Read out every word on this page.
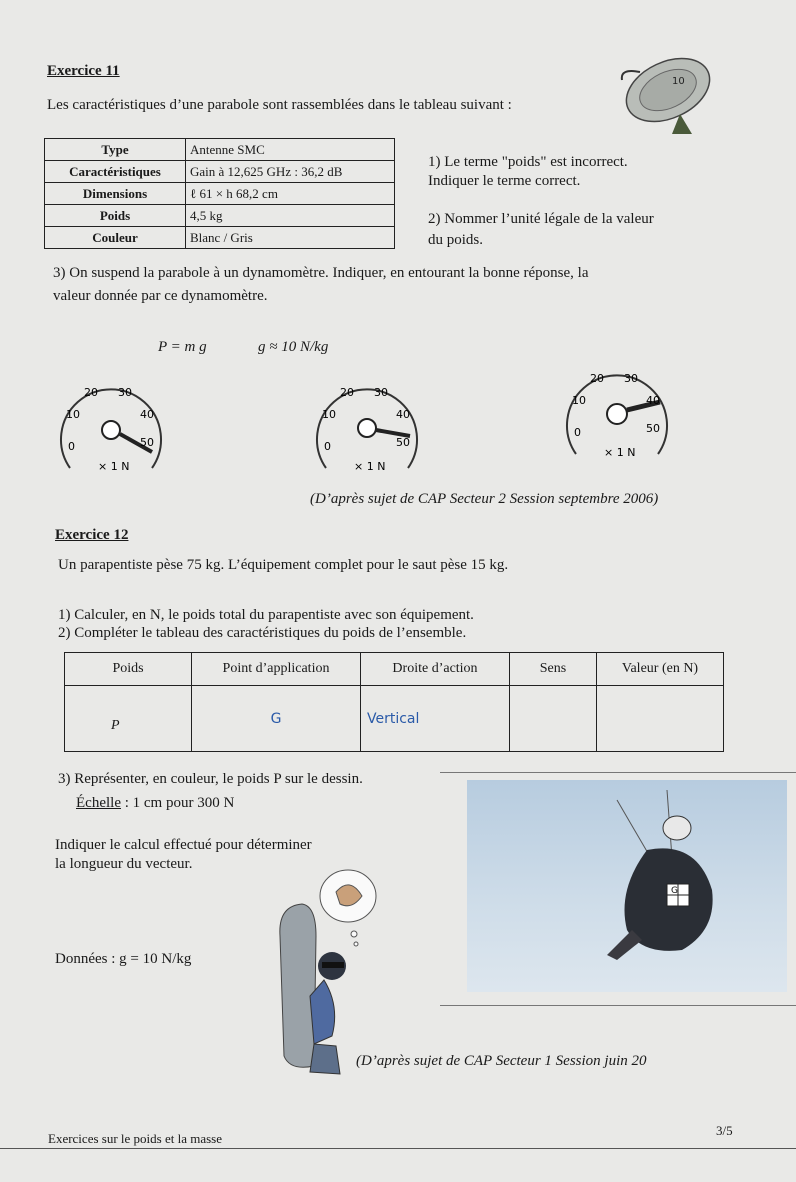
Exercice 11
Les caractéristiques d’une parabole sont rassemblées dans le tableau suivant :
10
Type	Antenne SMC
Caractéristiques	Gain à 12,625 GHz : 36,2 dB
Dimensions	ℓ 61 × h 68,2 cm
Poids	4,5 kg
Couleur	Blanc / Gris
1) Le terme "poids" est incorrect.
Indiquer le terme correct.
2) Nommer l’unité légale de la valeur
du poids.
3) On suspend la parabole à un dynamomètre. Indiquer, en entourant la bonne réponse, la
valeur donnée par ce dynamomètre.
P = m g	g ≈ 10 N/kg
0
10
20 30
40
50
× 1 N
0
10
20 30
40
50
× 1 N
0
10
20 30
40
50
× 1 N
(D’après sujet de CAP Secteur 2 Session septembre 2006)
Exercice 12
Un parapentiste pèse 75 kg. L’équipement complet pour le saut pèse 15 kg.
1) Calculer, en N, le poids total du parapentiste avec son équipement.
2) Compléter le tableau des caractéristiques du poids de l’ensemble.
Poids	Point d’application	Droite d’action	Sens	Valeur (en N)
P	G	Vertical		
3) Représenter, en couleur, le poids P sur le dessin.
Échelle : 1 cm pour 300 N
Indiquer le calcul effectué pour déterminer
la longueur du vecteur.
Données : g = 10 N/kg
G
(D’après sujet de CAP Secteur 1 Session juin 20
Exercices sur le poids et la masse
3/5
